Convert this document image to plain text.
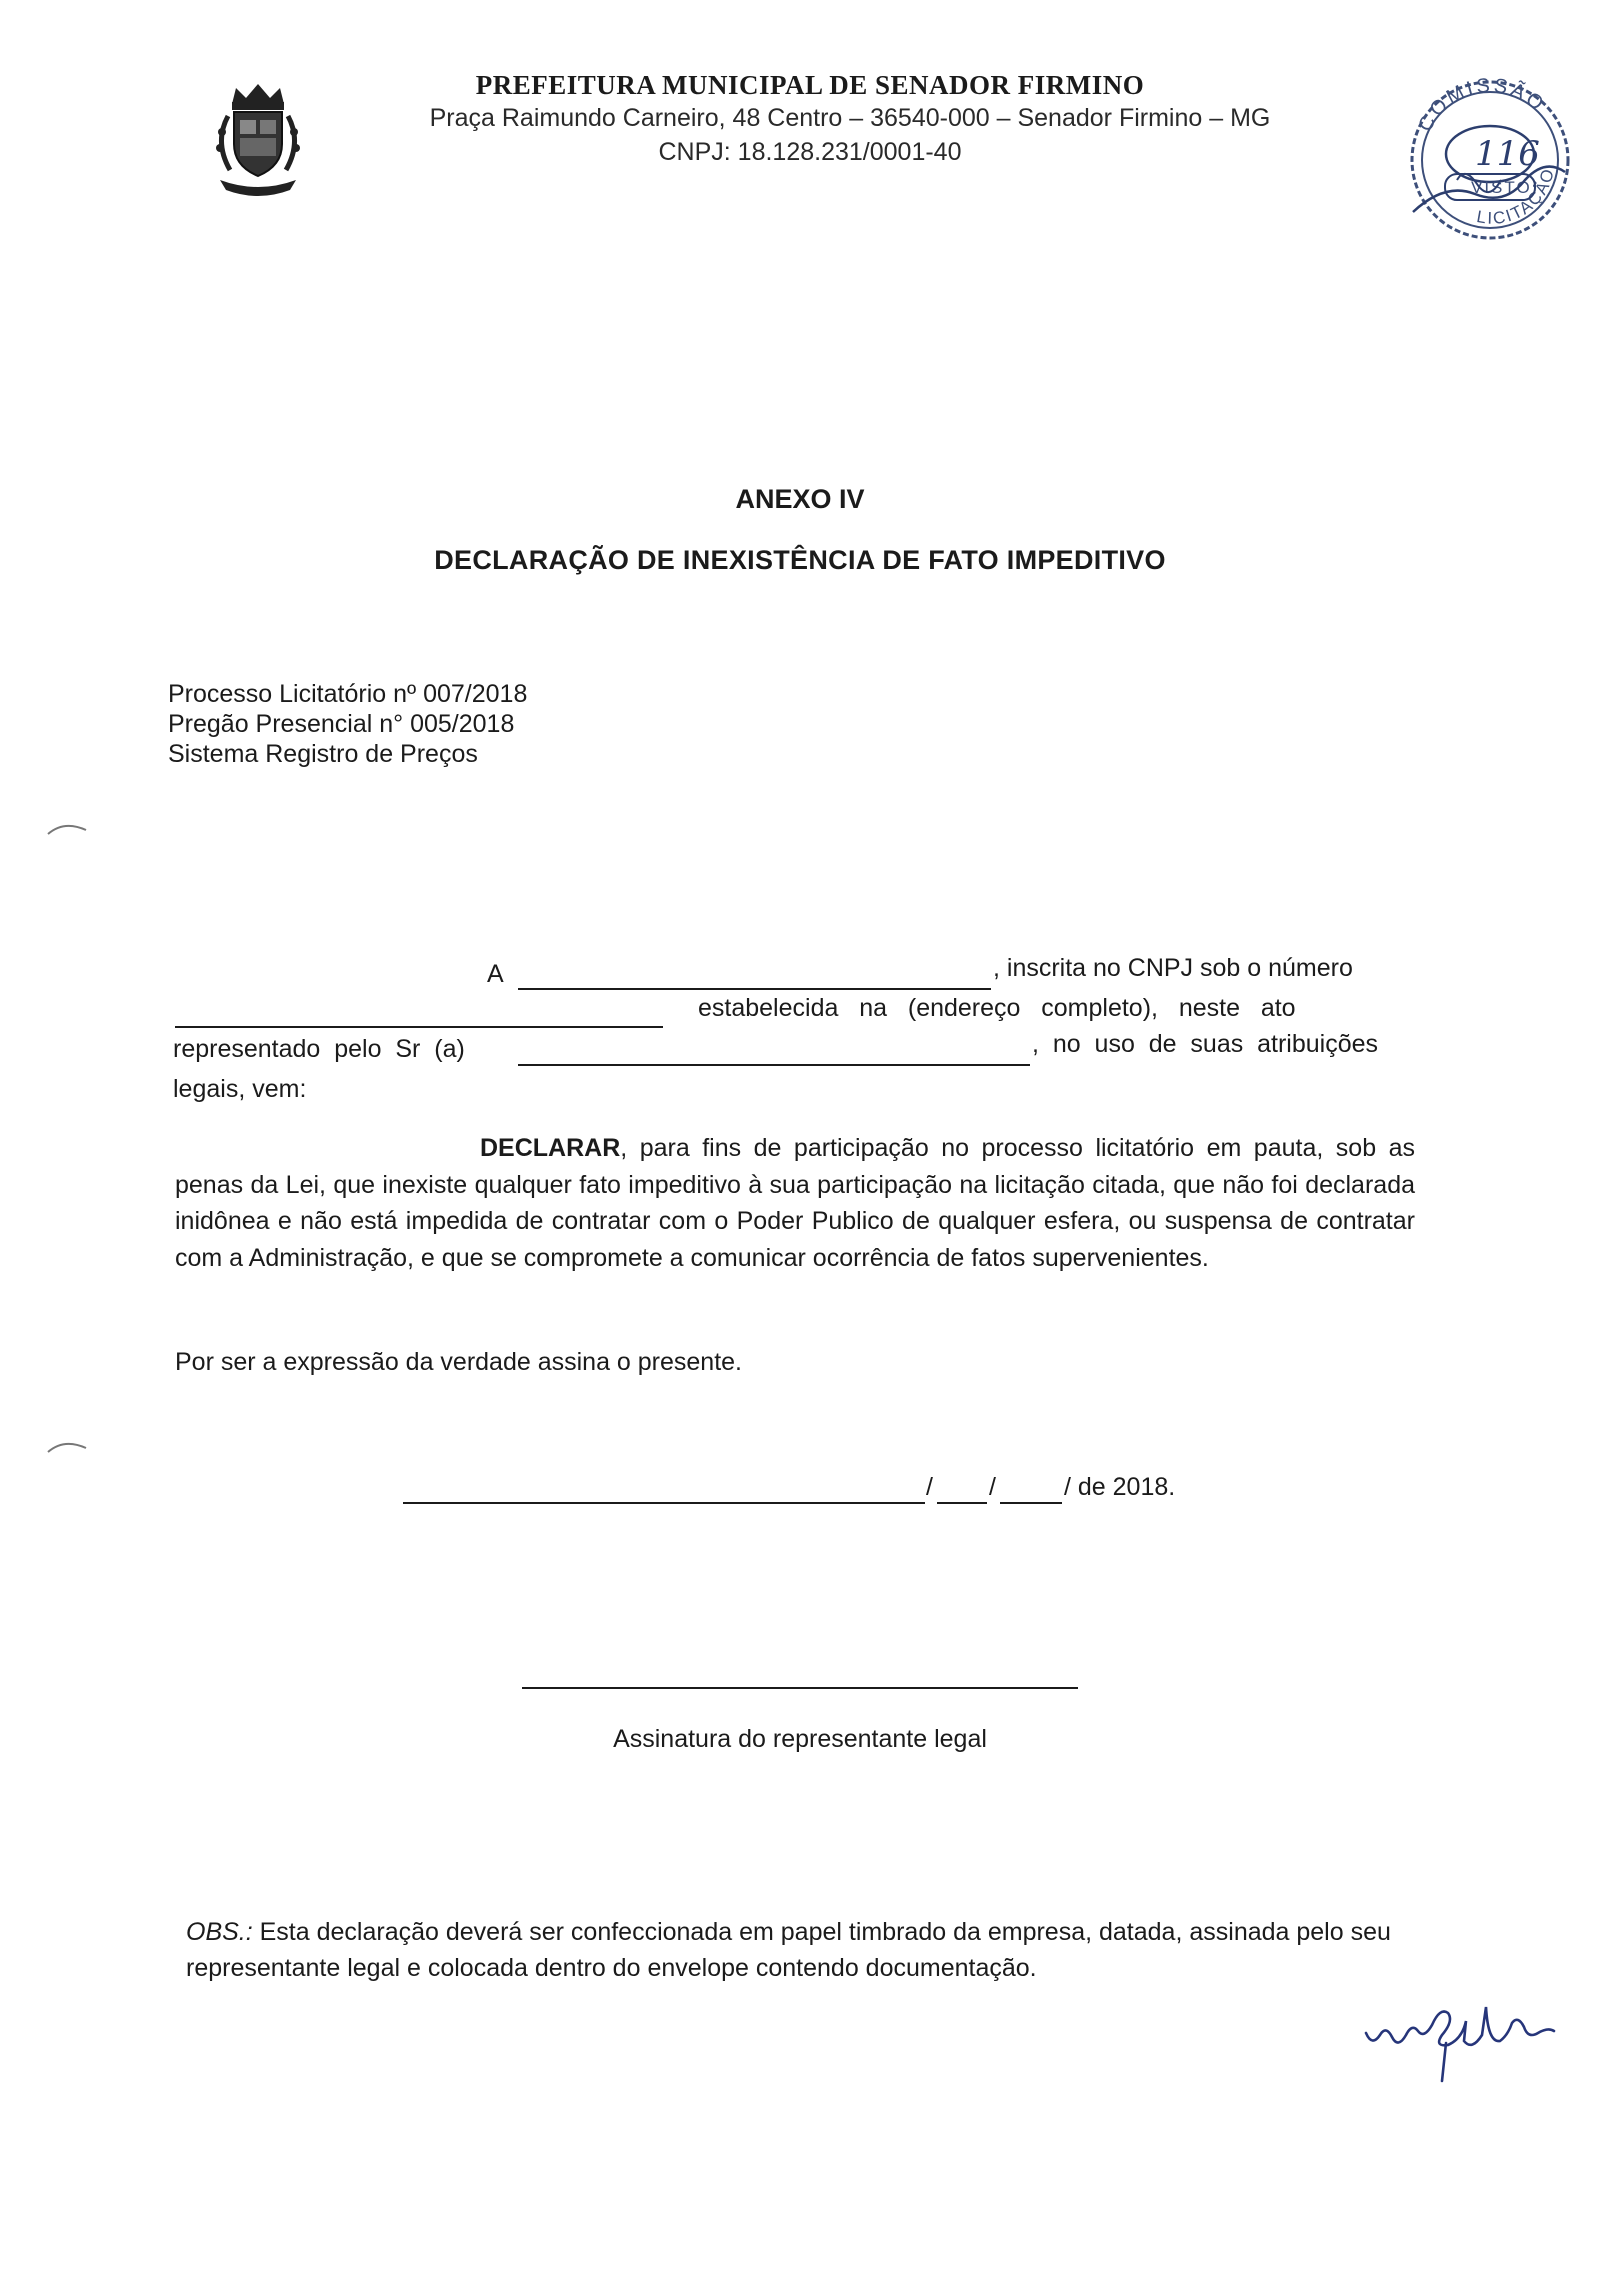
PREFEITURA MUNICIPAL DE SENADOR FIRMINO
Praça Raimundo Carneiro, 48 Centro – 36540-000 – Senador Firmino – MG
CNPJ: 18.128.231/0001-40
COMISSÃO
LICITAÇÃO
116
VISTO
ANEXO IV
DECLARAÇÃO DE INEXISTÊNCIA DE FATO IMPEDITIVO
Processo Licitatório nº 007/2018
Pregão Presencial n° 005/2018
Sistema Registro de Preços
A	, inscrita no CNPJ sob o número
estabelecida   na   (endereço   completo),   neste   ato
representado  pelo  Sr  (a)	,  no  uso  de  suas  atribuições
legais, vem:

DECLARAR, para fins de participação no processo licitatório em pauta, sob as penas da Lei, que inexiste qualquer fato impeditivo à sua participação na licitação citada, que não foi declarada inidônea e não está impedida de contratar com o Poder Publico de qualquer esfera, ou suspensa de contratar com a Administração, e que se compromete a comunicar ocorrência de fatos supervenientes.

Por ser a expressão da verdade assina o presente.
/ /	/ de 2018.
Assinatura do representante legal

OBS.: Esta declaração deverá ser confeccionada em papel timbrado da empresa, datada, assinada pelo seu representante legal e colocada dentro do envelope contendo documentação.
